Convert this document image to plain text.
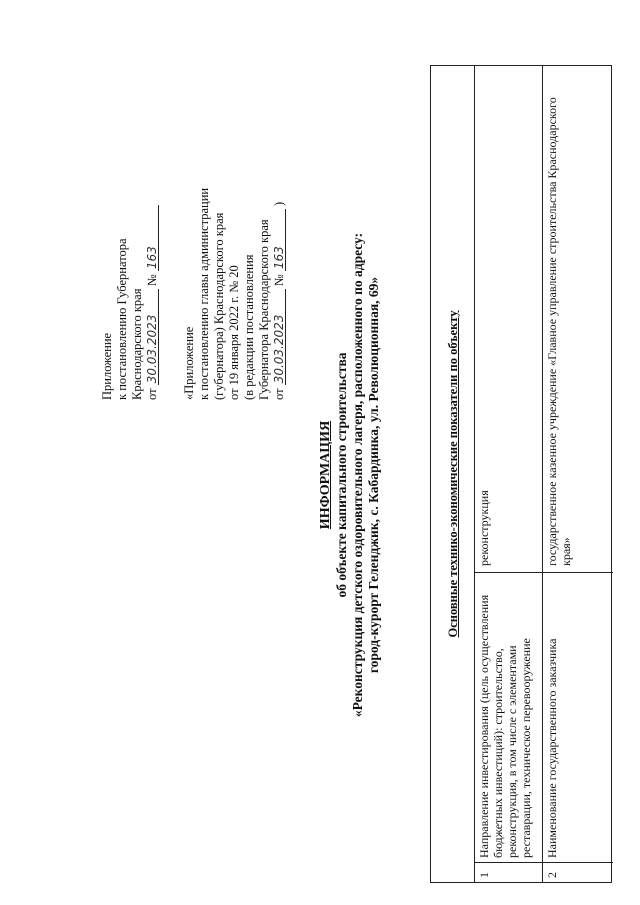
Приложение к постановлению Губернатора Краснодарского края от 30.03.2023 № 163
«Приложение к постановлению главы администрации (губернатора) Краснодарского края от 19 января 2022 г. № 20 (в редакции постановления Губернатора Краснодарского края от 30.03.2023 № 163 )
ИНФОРМАЦИЯ об объекте капитального строительства «Реконструкция детского оздоровительного лагеря, расположенного по адресу: город-курорт Геленджик, с. Кабардинка, ул. Революционная, 69»	Основные технико-экономические показатели по объекту
1
Направление инвестирования (цель осуществления бюджетных инвестиций): строительство, реконструкция, в том числе с элементами реставрации, техническое перевооружение
реконструкция
2
Наименование государственного заказчика
государственное казенное учреждение «Главное управление строительства Краснодарского края»
